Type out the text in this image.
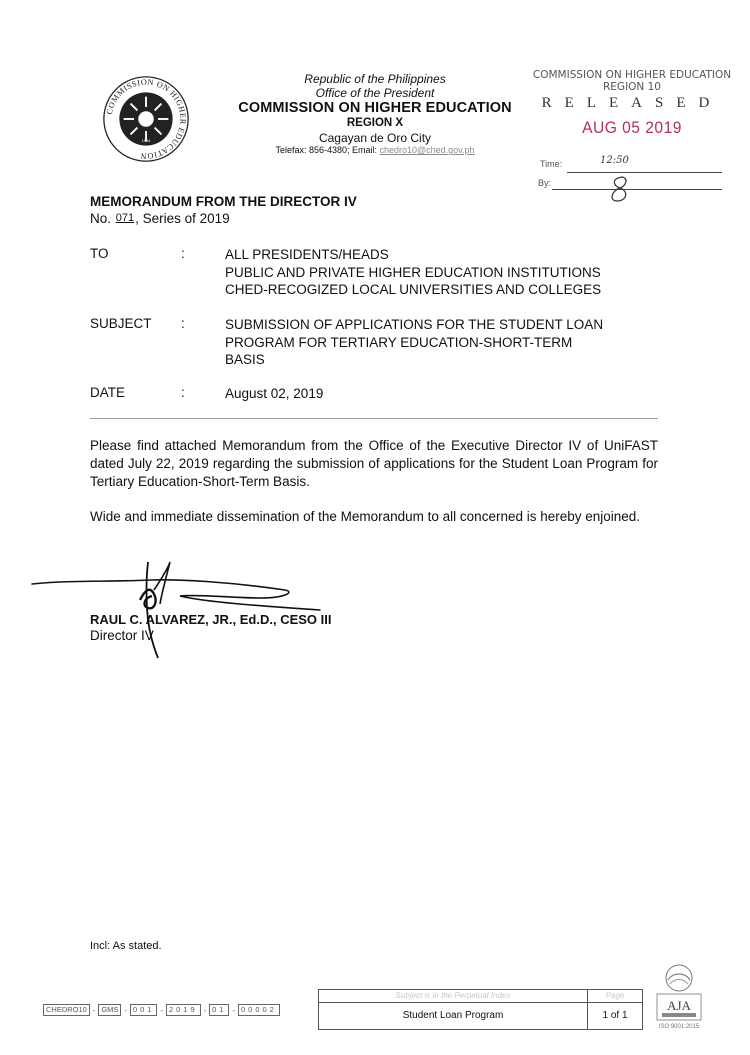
COMMISSION ON HIGHER EDUCATION
1994
Republic of the Philippines
Office of the President
COMMISSION ON HIGHER EDUCATION
REGION X
Cagayan de Oro City
Telefax: 856-4380; Email: chedro10@ched.gov.ph
COMMISSION ON HIGHER EDUCATION
REGION 10
RELEASED
AUG 05 2019
Time:	12:50
By:
MEMORANDUM FROM THE DIRECTOR IV
No. 071, Series of 2019
TO	:	ALL PRESIDENTS/HEADS
PUBLIC AND PRIVATE HIGHER EDUCATION INSTITUTIONS
CHED-RECOGIZED LOCAL UNIVERSITIES AND COLLEGES
SUBJECT :	SUBMISSION OF APPLICATIONS FOR THE STUDENT LOAN
PROGRAM FOR TERTIARY EDUCATION-SHORT-TERM
BASIS
DATE	:	August 02, 2019
Please find attached Memorandum from the Office of the Executive Director IV of UniFAST dated July 22, 2019 regarding the submission of applications for the Student Loan Program for Tertiary Education-Short-Term Basis.
Wide and immediate dissemination of the Memorandum to all concerned is hereby enjoined.
RAUL C. ALVAREZ, JR., Ed.D., CESO III
Director IV
Incl: As stated.
CHEDRO10 - GMS - 001 - 2019 - 01 - 00002
Subject is in the Perpetual Index	Page
Student Loan Program	1 of 1
AJA
ISO 9001:2015
